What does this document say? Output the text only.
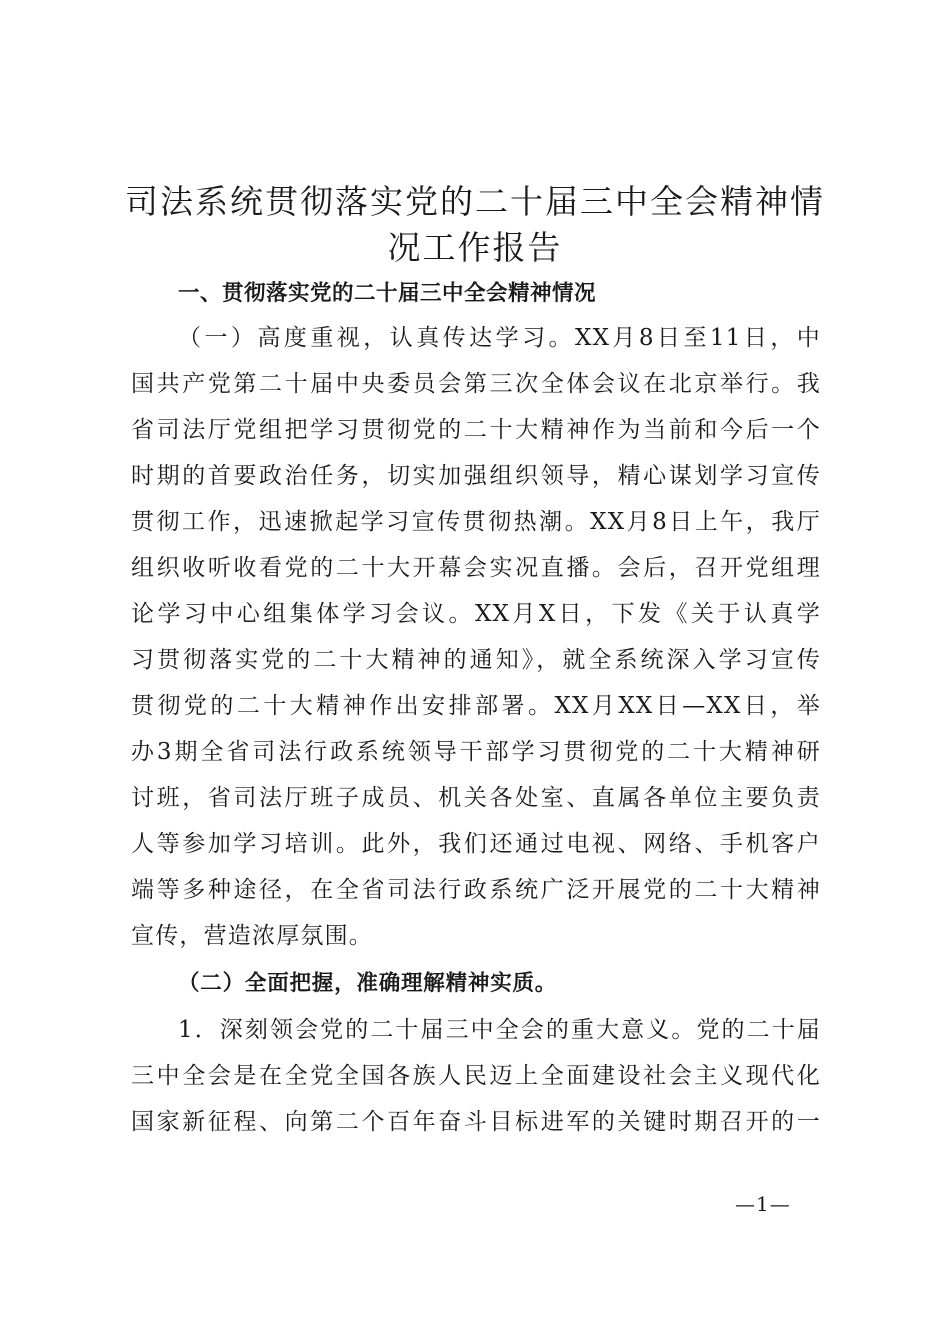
司法系统贯彻落实党的二十届三中全会精神情
况工作报告
一、贯彻落实党的二十届三中全会精神情况
（一）高度重视，认真传达学习。XX月8日至11日，中
国共产党第二十届中央委员会第三次全体会议在北京举行。我
省司法厅党组把学习贯彻党的二十大精神作为当前和今后一个
时期的首要政治任务，切实加强组织领导，精心谋划学习宣传
贯彻工作，迅速掀起学习宣传贯彻热潮。XX月8日上午，我厅
组织收听收看党的二十大开幕会实况直播。会后，召开党组理
论学习中心组集体学习会议。XX月X日，下发《关于认真学
习贯彻落实党的二十大精神的通知》，就全系统深入学习宣传
贯彻党的二十大精神作出安排部署。XX月XX日—XX日，举
办3期全省司法行政系统领导干部学习贯彻党的二十大精神研
讨班，省司法厅班子成员、机关各处室、直属各单位主要负责
人等参加学习培训。此外，我们还通过电视、网络、手机客户
端等多种途径，在全省司法行政系统广泛开展党的二十大精神
宣传，营造浓厚氛围。
（二）全面把握，准确理解精神实质。
1．深刻领会党的二十届三中全会的重大意义。党的二十届
三中全会是在全党全国各族人民迈上全面建设社会主义现代化
国家新征程、向第二个百年奋斗目标进军的关键时期召开的一
—1—
